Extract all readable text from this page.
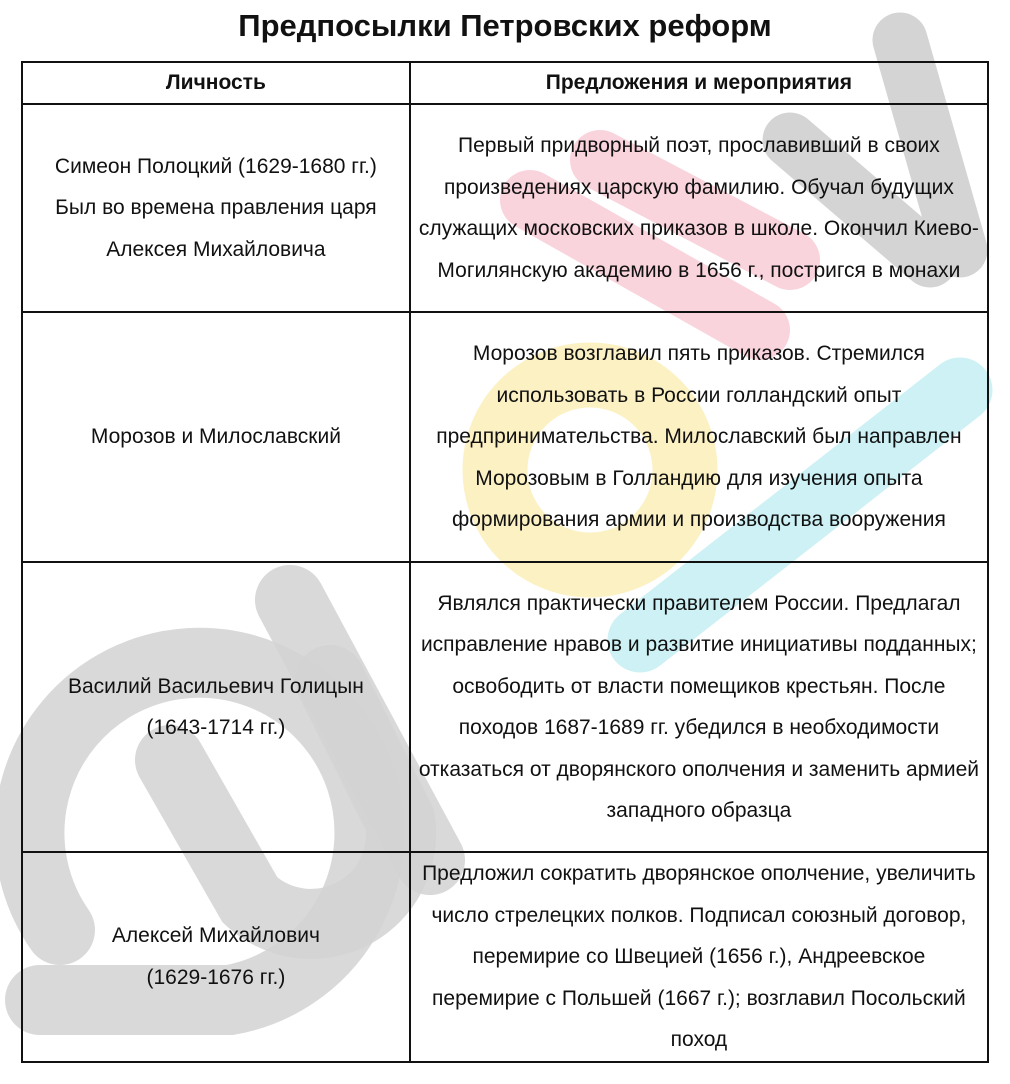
Предпосылки Петровских реформ
Личность	Предложения и мероприятия

Симеон Полоцкий (1629-1680 гг.)
Был во времена правления царя
Алексея Михайловича	Первый придворный поэт, прославивший в своих произведениях царскую фамилию. Обучал будущих служащих московских приказов в школе. Окончил Киево-Могилянскую академию в 1656 г., постригся в монахи

Морозов и Милославский	Морозов возглавил пять приказов. Стремился использовать в России голландский опыт предпринимательства. Милославский был направлен Морозовым в Голландию для изучения опыта формирования армии и производства вооружения

Василий Васильевич Голицын
(1643-1714 гг.)	Являлся практически правителем России. Предлагал исправление нравов и развитие инициативы подданных; освободить от власти помещиков крестьян. После походов 1687-1689 гг. убедился в необходимости отказаться от дворянского ополчения и заменить армией западного образца

Алексей Михайлович
(1629-1676 гг.)	Предложил сократить дворянское ополчение, увеличить число стрелецких полков. Подписал союзный договор, перемирие со Швецией (1656 г.), Андреевское перемирие с Польшей (1667 г.); возглавил Посольский поход
